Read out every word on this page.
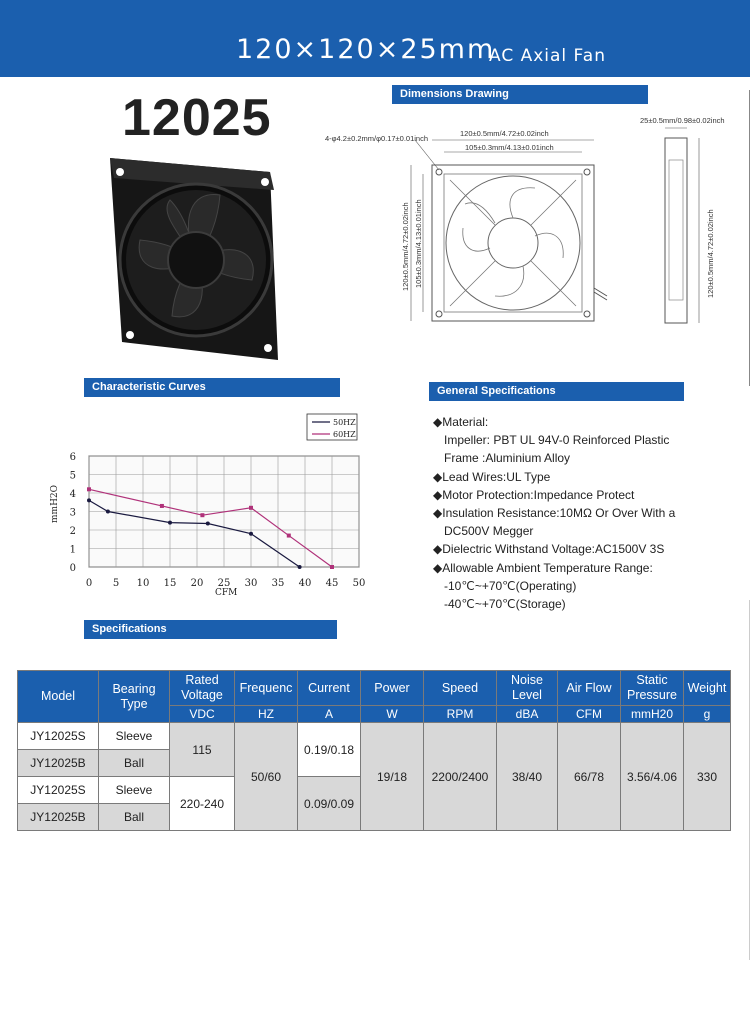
120×120×25mm
AC Axial Fan
12025	Dimensions Drawing
Characteristic Curves	General Specifications
Specifications
4-φ4.2±0.2mm/φ0.17±0.01inch
120±0.5mm/4.72±0.02inch
105±0.3mm/4.13±0.01inch
120±0.5mm/4.72±0.02inch 105±0.3mm/4.13±0.01inch
25±0.5mm/0.98±0.02inch
120±0.5mm/4.72±0.02inch
0 5 10 15 20 25 30 35 40 45 50
0
1
2
3
4
5
6
CFM
mmH2O
50HZ
60HZ
◆Material:
Impeller: PBT UL 94V-0 Reinforced Plastic
Frame :Aluminium Alloy
◆Lead Wires:UL Type
◆Motor Protection:Impedance Protect
◆Insulation Resistance:10MΩ Or Over With a
DC500V Megger
◆Dielectric Withstand Voltage:AC1500V 3S
◆Allowable Ambient Temperature Range:
-10℃~+70℃(Operating)
-40℃~+70℃(Storage)
Model	Bearing Type	Rated Voltage	Frequenc	Current	Power	Speed	Noise Level	Air Flow	Static Pressure	Weight
		VDC	HZ	A	W	RPM	dBA	CFM	mmH20	g
JY12025S	Sleeve	115	50/60	0.19/0.18	19/18	2200/2400	38/40	66/78	3.56/4.06	330
JY12025B	Ball									
JY12025S	Sleeve	220-240		0.09/0.09						
JY12025B	Ball									
